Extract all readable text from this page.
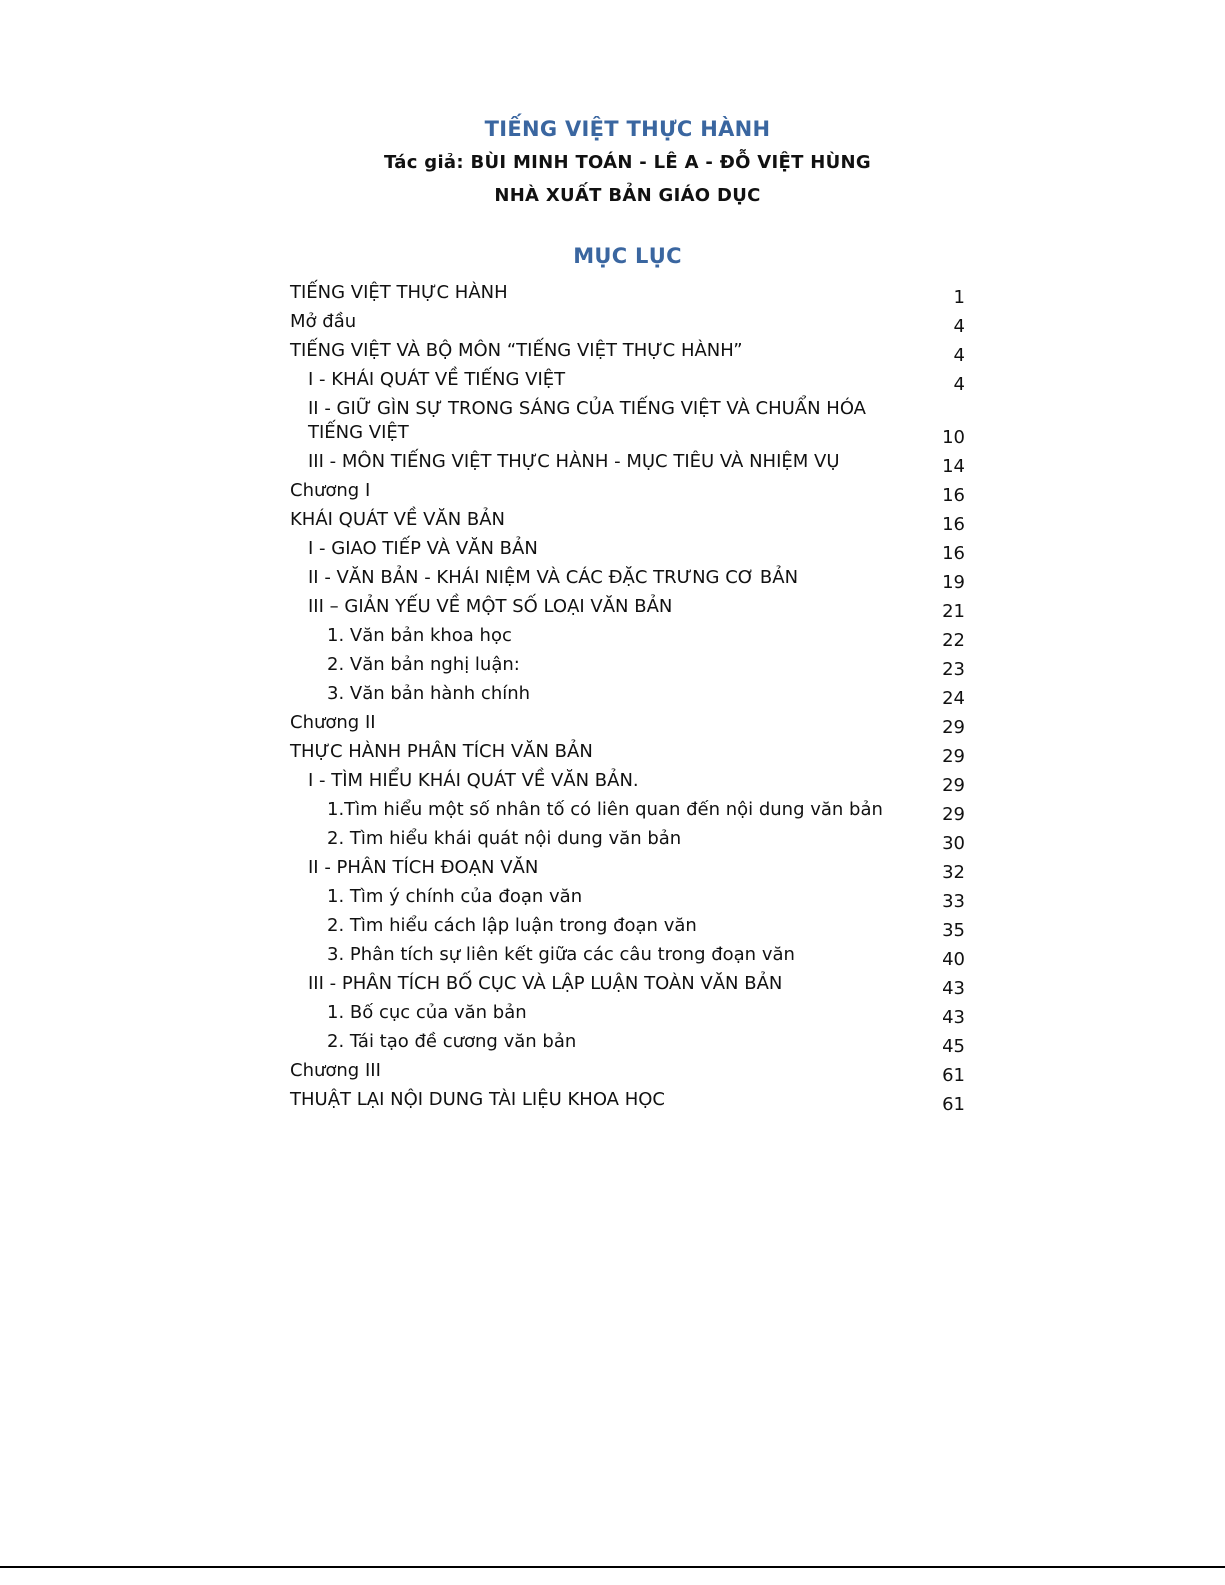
TIẾNG VIỆT THỰC HÀNH
Tác giả: BÙI MINH TOÁN - LÊ A - ĐỖ VIỆT HÙNG
NHÀ XUẤT BẢN GIÁO DỤC
MỤC LỤC
TIẾNG VIỆT THỰC HÀNH	1
Mở đầu	4
TIẾNG VIỆT VÀ BỘ MÔN “TIẾNG VIỆT THỰC HÀNH”	4
I - KHÁI QUÁT VỀ TIẾNG VIỆT	4
II - GIỮ GÌN SỰ TRONG SÁNG CỦA TIẾNG VIỆT VÀ CHUẨN HÓA TIẾNG VIỆT	10
III - MÔN TIẾNG VIỆT THỰC HÀNH - MỤC TIÊU VÀ NHIỆM VỤ	14
Chương I	16
KHÁI QUÁT VỀ VĂN BẢN	16
I - GIAO TIẾP VÀ VĂN BẢN	16
II - VĂN BẢN - KHÁI NIỆM VÀ CÁC ĐẶC TRƯNG CƠ BẢN	19
III – GIẢN YẾU VỀ MỘT SỐ LOẠI VĂN BẢN	21
1. Văn bản khoa học	22
2. Văn bản nghị luận:	23
3. Văn bản hành chính	24
Chương II	29
THỰC HÀNH PHÂN TÍCH VĂN BẢN	29
I - TÌM HIỂU KHÁI QUÁT VỀ VĂN BẢN.	29
1.Tìm hiểu một số nhân tố có liên quan đến nội dung văn bản	29
2. Tìm hiểu khái quát nội dung văn bản	30
II - PHÂN TÍCH ĐOẠN VĂN	32
1. Tìm ý chính của đoạn văn	33
2. Tìm hiểu cách lập luận trong đoạn văn	35
3. Phân tích sự liên kết giữa các câu trong đoạn văn	40
III - PHÂN TÍCH BỐ CỤC VÀ LẬP LUẬN TOÀN VĂN BẢN	43
1. Bố cục của văn bản	43
2. Tái tạo đề cương văn bản	45
Chương III	61
THUẬT LẠI NỘI DUNG TÀI LIỆU KHOA HỌC	61
